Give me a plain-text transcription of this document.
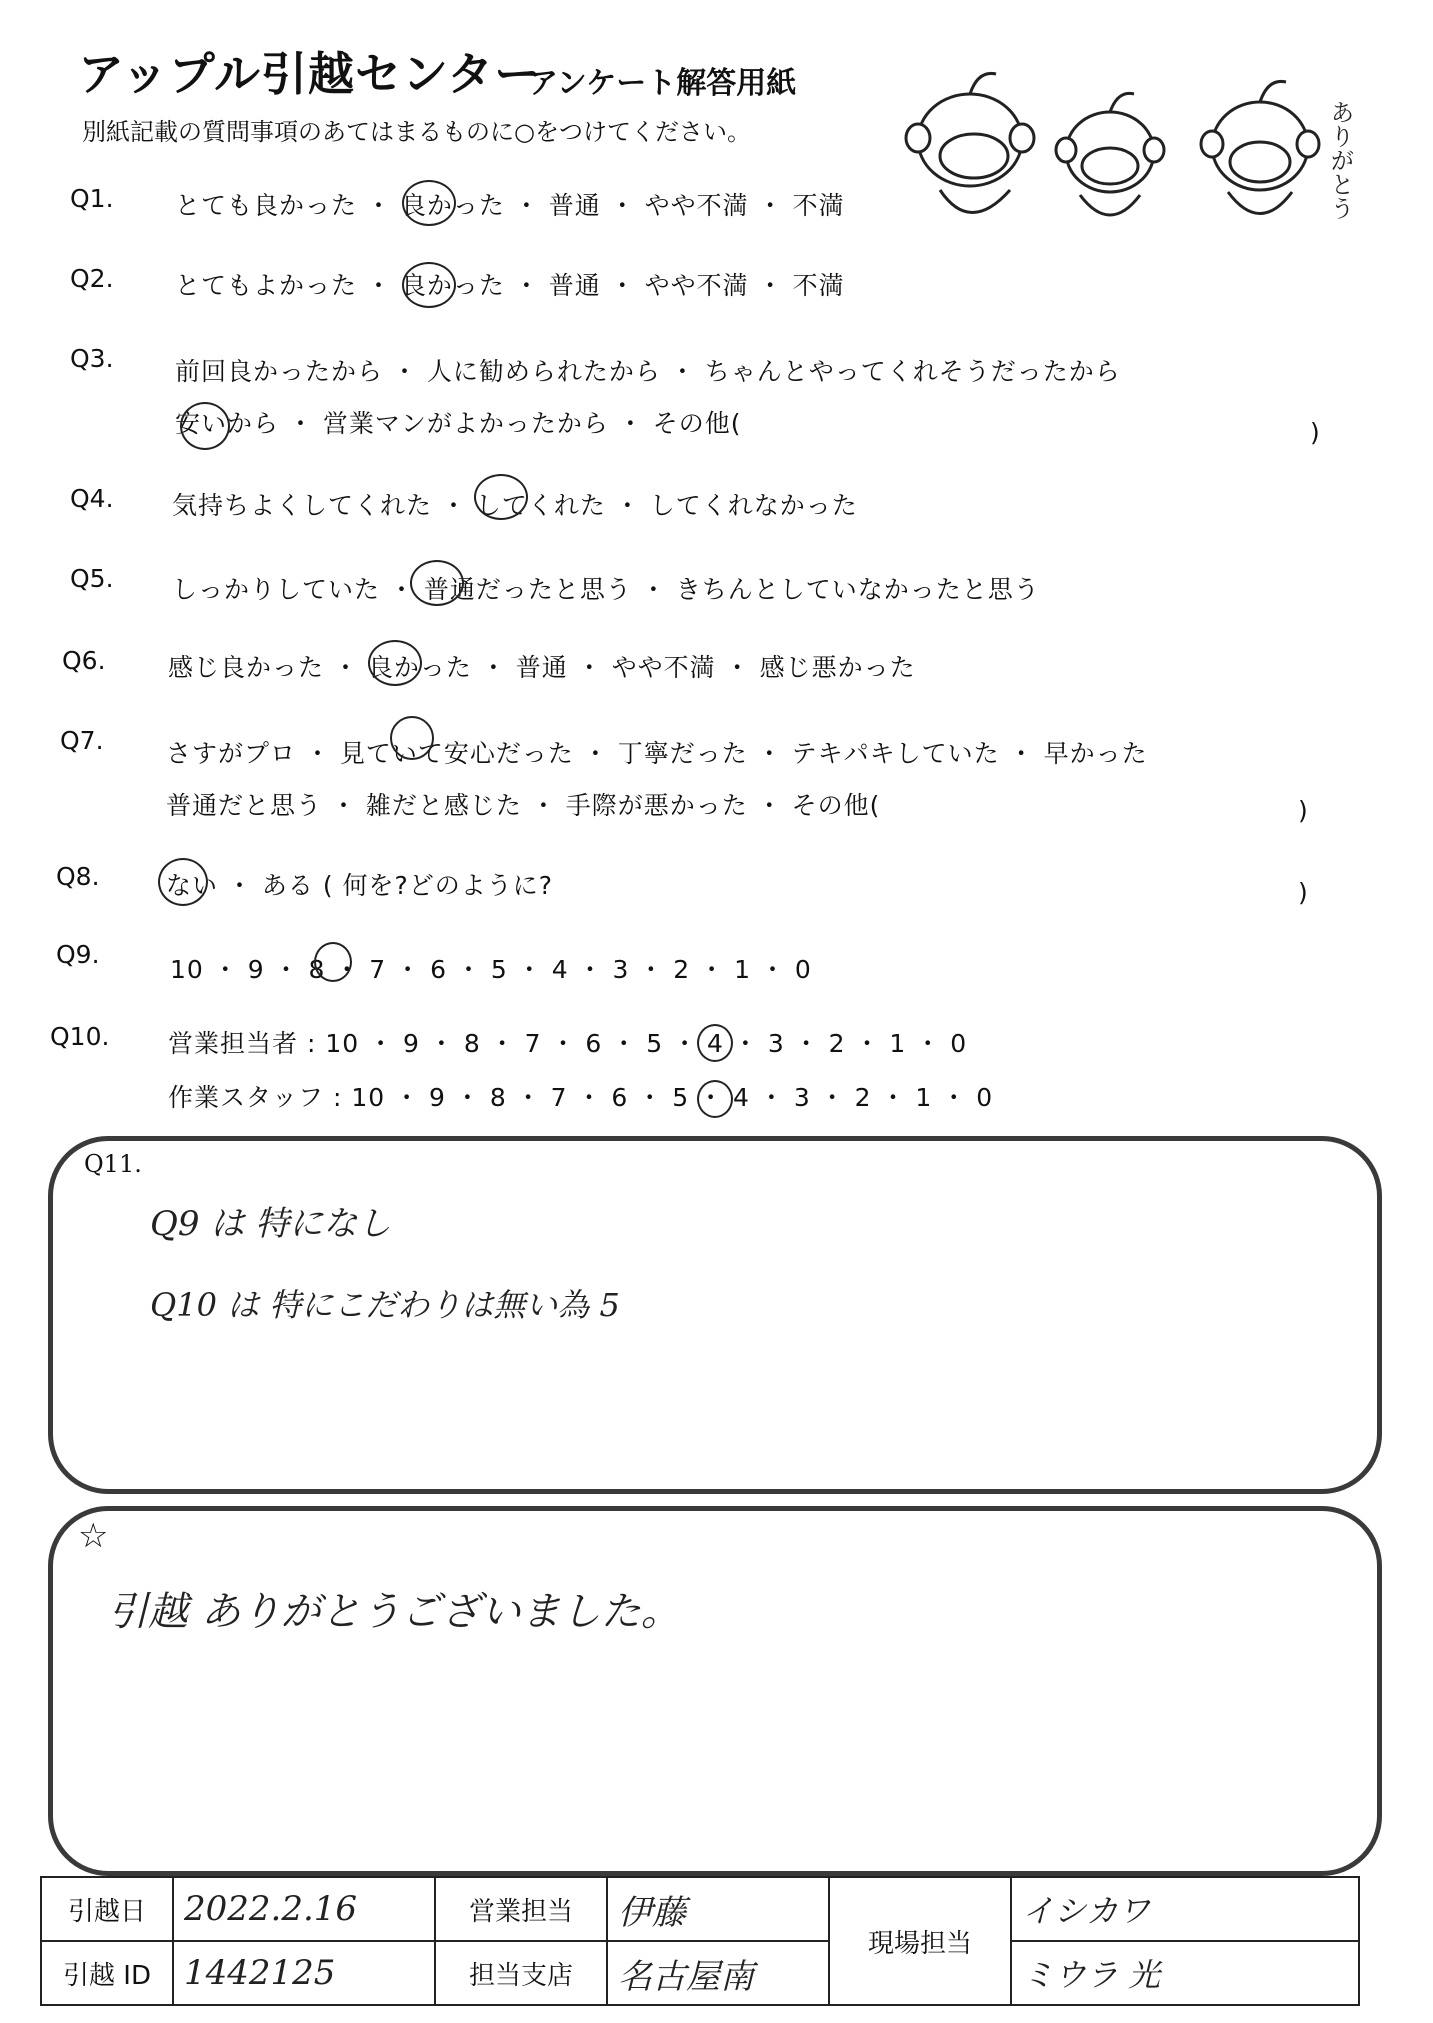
アップル引越センター
アンケート解答用紙
別紙記載の質問事項のあてはまるものに○をつけてください。	ありがとう
Q1. とても良かった ・ 良かった ・ 普通 ・ やや不満 ・ 不満
Q2. とてもよかった ・ 良かった ・ 普通 ・ やや不満 ・ 不満
Q3. 前回良かったから ・ 人に勧められたから ・ ちゃんとやってくれそうだったから
安いから ・ 営業マンがよかったから ・ その他(	)
Q4. 気持ちよくしてくれた ・ してくれた ・ してくれなかった
Q5. しっかりしていた ・ 普通だったと思う ・ きちんとしていなかったと思う
Q6. 感じ良かった ・ 良かった ・ 普通 ・ やや不満 ・ 感じ悪かった
Q7. さすがプロ ・ 見ていて安心だった ・ 丁寧だった ・ テキパキしていた ・ 早かった
普通だと思う ・ 雑だと感じた ・ 手際が悪かった ・ その他(	)
Q8.	ない ・ ある ( 何を?どのように?	)
Q9.
10 ・ 9 ・ 8 ・ 7 ・ 6 ・ 5 ・ 4 ・ 3 ・ 2 ・ 1 ・ 0
Q10. 営業担当者 : 10 ・ 9 ・ 8 ・ 7 ・ 6 ・ 5 ・ 4 ・ 3 ・ 2 ・ 1 ・ 0
作業スタッフ : 10 ・ 9 ・ 8 ・ 7 ・ 6 ・ 5 ・ 4 ・ 3 ・ 2 ・ 1 ・ 0
Q11.
Q9 は 特になし
Q10 は 特にこだわりは無い為 5
☆
引越 ありがとうございました。
引越日	2022.2.16	営業担当	伊藤	現場担当	イシカワ
引越 ID	1442125	担当支店	名古屋南		ミウラ 光
